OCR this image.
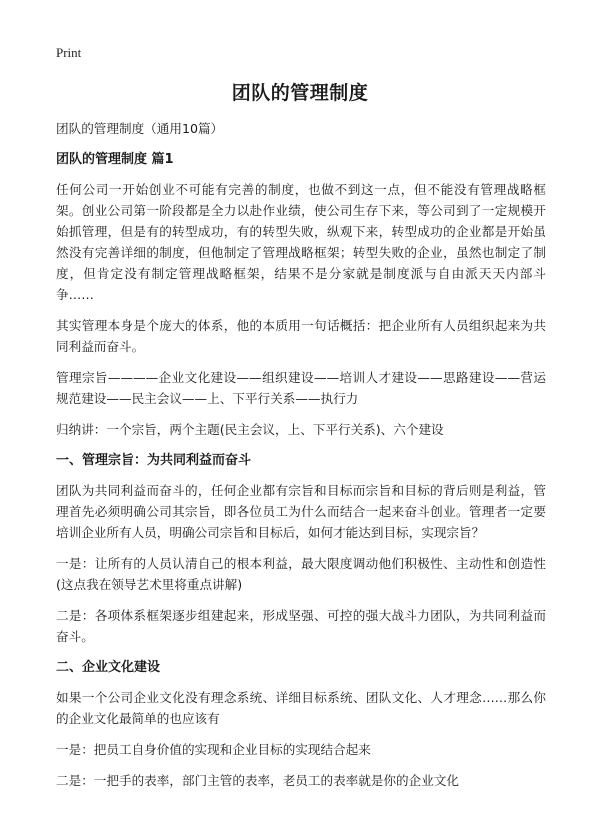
Print
团队的管理制度

团队的管理制度（通用10篇）

团队的管理制度 篇1

任何公司一开始创业不可能有完善的制度，也做不到这一点，但不能没有管理战略框架。创业公司第一阶段都是全力以赴作业绩，使公司生存下来，等公司到了一定规模开始抓管理，但是有的转型成功，有的转型失败，纵观下来，转型成功的企业都是开始虽然没有完善详细的制度，但他制定了管理战略框架；转型失败的企业，虽然也制定了制度，但肯定没有制定管理战略框架，结果不是分家就是制度派与自由派天天内部斗争……

其实管理本身是个庞大的体系，他的本质用一句话概括：把企业所有人员组织起来为共同利益而奋斗。

管理宗旨————企业文化建设——组织建设——培训人才建设——思路建设——营运规范建设——民主会议——上、下平行关系——执行力

归纳讲：一个宗旨，两个主题(民主会议，上、下平行关系)、六个建设

一、管理宗旨：为共同利益而奋斗

团队为共同利益而奋斗的，任何企业都有宗旨和目标而宗旨和目标的背后则是利益，管理首先必须明确公司其宗旨，即各位员工为什么而结合一起来奋斗创业。管理者一定要培训企业所有人员，明确公司宗旨和目标后，如何才能达到目标，实现宗旨？

一是：让所有的人员认清自己的根本利益，最大限度调动他们积极性、主动性和创造性(这点我在领导艺术里将重点讲解)

二是：各项体系框架逐步组建起来，形成坚强、可控的强大战斗力团队，为共同利益而奋斗。

二、企业文化建设

如果一个公司企业文化没有理念系统、详细目标系统、团队文化、人才理念……那么你的企业文化最简单的也应该有

一是：把员工自身价值的实现和企业目标的实现结合起来

二是：一把手的表率，部门主管的表率，老员工的表率就是你的企业文化
